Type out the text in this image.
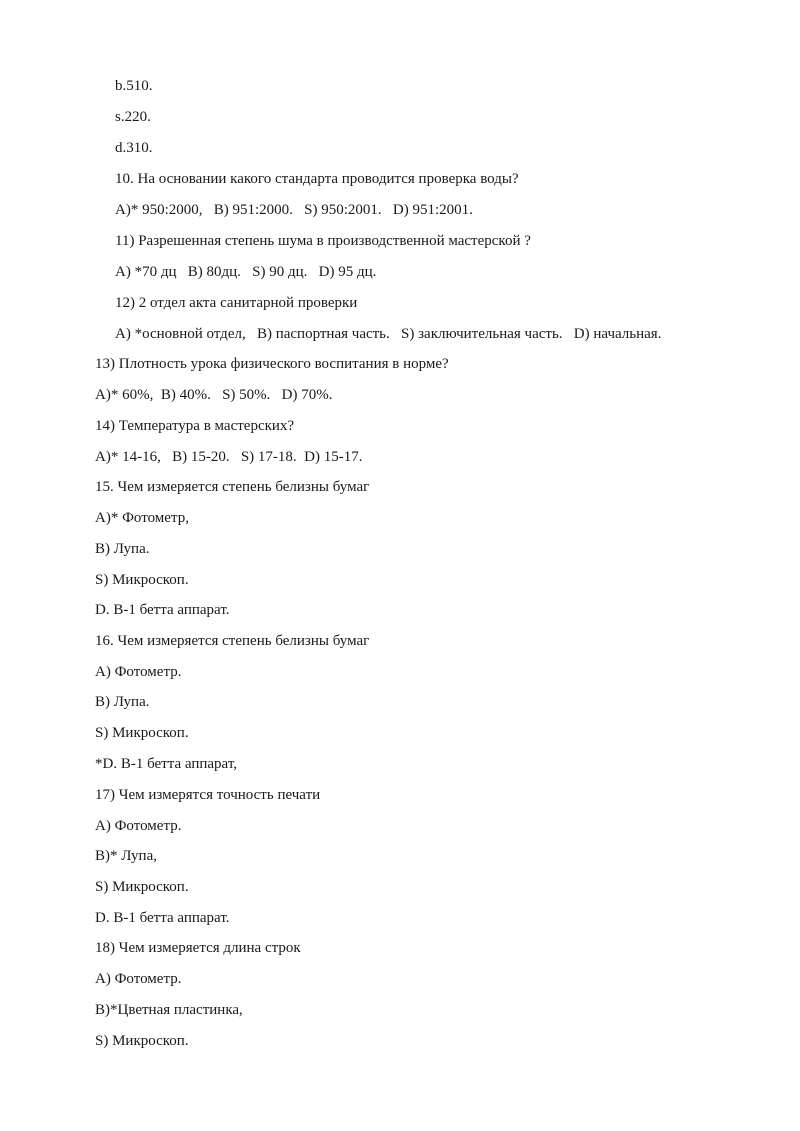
b.510.
s.220.
d.310.
10. На основании какого стандарта проводится проверка воды?
A)* 950:2000,   B) 951:2000.   S) 950:2001.   D) 951:2001.
11) Разрешенная степень шума в производственной мастерской ?
A) *70 дц   B) 80дц.   S) 90 дц.   D) 95 дц.
12) 2 отдел акта санитарной проверки
A) *основной отдел,   B) паспортная часть.   S) заключительная часть.   D) начальная.
13) Плотность урока физического воспитания в норме?
A)* 60%,  B) 40%.   S) 50%.   D) 70%.
14) Температура в мастерских?
A)* 14-16,   B) 15-20.   S) 17-18.  D) 15-17.
15. Чем измеряется степень белизны бумаг
A)* Фотометр,
B) Лупа.
S) Микроскоп.
D. В-1 бетта аппарат.
16. Чем измеряется степень белизны бумаг
A) Фотометр.
B) Лупа.
S) Микроскоп.
*D. В-1 бетта аппарат,
17) Чем измерятся точность печати
A) Фотометр.
B)* Лупа,
S) Микроскоп.
D. В-1 бетта аппарат.
18) Чем измеряется длина строк
A) Фотометр.
B)*Цветная пластинка,
S) Микроскоп.
